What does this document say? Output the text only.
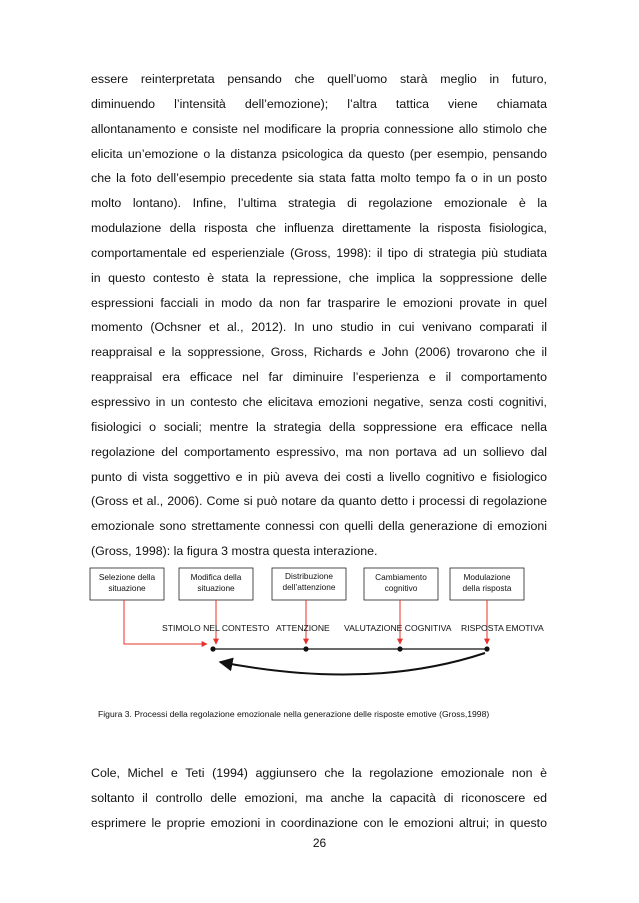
essere reinterpretata pensando che quell’uomo starà meglio in futuro,
diminuendo l’intensità dell’emozione); l’altra tattica viene chiamata
allontanamento e consiste nel modificare la propria connessione allo stimolo che
elicita un’emozione o la distanza psicologica da questo (per esempio, pensando
che la foto dell’esempio precedente sia stata fatta molto tempo fa o in un posto
molto lontano). Infine, l’ultima strategia di regolazione emozionale è la
modulazione della risposta che influenza direttamente la risposta fisiologica,
comportamentale ed esperienziale (Gross, 1998): il tipo di strategia più studiata
in questo contesto è stata la repressione, che implica la soppressione delle
espressioni facciali in modo da non far trasparire le emozioni provate in quel
momento (Ochsner et al., 2012). In uno studio in cui venivano comparati il
reappraisal e la soppressione, Gross, Richards e John (2006) trovarono che il
reappraisal era efficace nel far diminuire l’esperienza e il comportamento
espressivo in un contesto che elicitava emozioni negative, senza costi cognitivi,
fisiologici o sociali; mentre la strategia della soppressione era efficace nella
regolazione del comportamento espressivo, ma non portava ad un sollievo dal
punto di vista soggettivo e in più aveva dei costi a livello cognitivo e fisiologico
(Gross et al., 2006). Come si può notare da quanto detto i processi di regolazione
emozionale sono strettamente connessi con quelli della generazione di emozioni
(Gross, 1998): la figura 3 mostra questa interazione.
Selezione della
situazione
Modifica della
situazione
Distribuzione
dell’attenzione
Cambiamento
cognitivo
Modulazione
della risposta
STIMOLO NEL CONTESTO ATTENZIONE VALUTAZIONE COGNITIVA RISPOSTA EMOTIVA
Figura 3. Processi della regolazione emozionale nella generazione delle risposte emotive (Gross,1998)
Cole, Michel e Teti (1994) aggiunsero che la regolazione emozionale non è
soltanto il controllo delle emozioni, ma anche la capacità di riconoscere ed
esprimere le proprie emozioni in coordinazione con le emozioni altrui; in questo
26
